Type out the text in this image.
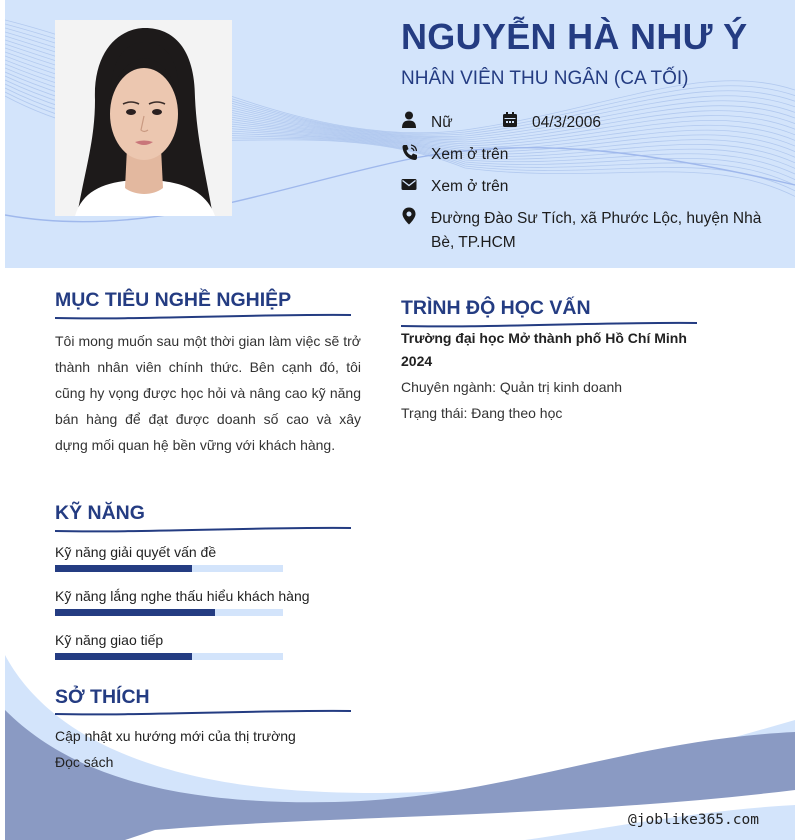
NGUYỄN HÀ NHƯ Ý
NHÂN VIÊN THU NGÂN (CA TỐI)
Nữ	04/3/2006
Xem ở trên
Xem ở trên
Đường Đào Sư Tích, xã Phước Lộc, huyện Nhà Bè, TP.HCM
MỤC TIÊU NGHỀ NGHIỆP
Tôi mong muốn sau một thời gian làm việc sẽ trở thành nhân viên chính thức. Bên cạnh đó, tôi cũng hy vọng được học hỏi và nâng cao kỹ năng bán hàng để đạt được doanh số cao và xây dựng mối quan hệ bền vững với khách hàng.
TRÌNH ĐỘ HỌC VẤN
Trường đại học Mở thành phố Hồ Chí Minh
2024
Chuyên ngành: Quản trị kinh doanh
Trạng thái: Đang theo học
KỸ NĂNG
Kỹ năng giải quyết vấn đề
Kỹ năng lắng nghe thấu hiểu khách hàng
Kỹ năng giao tiếp
SỞ THÍCH
Cập nhật xu hướng mới của thị trường
Đọc sách
@joblike365.com
